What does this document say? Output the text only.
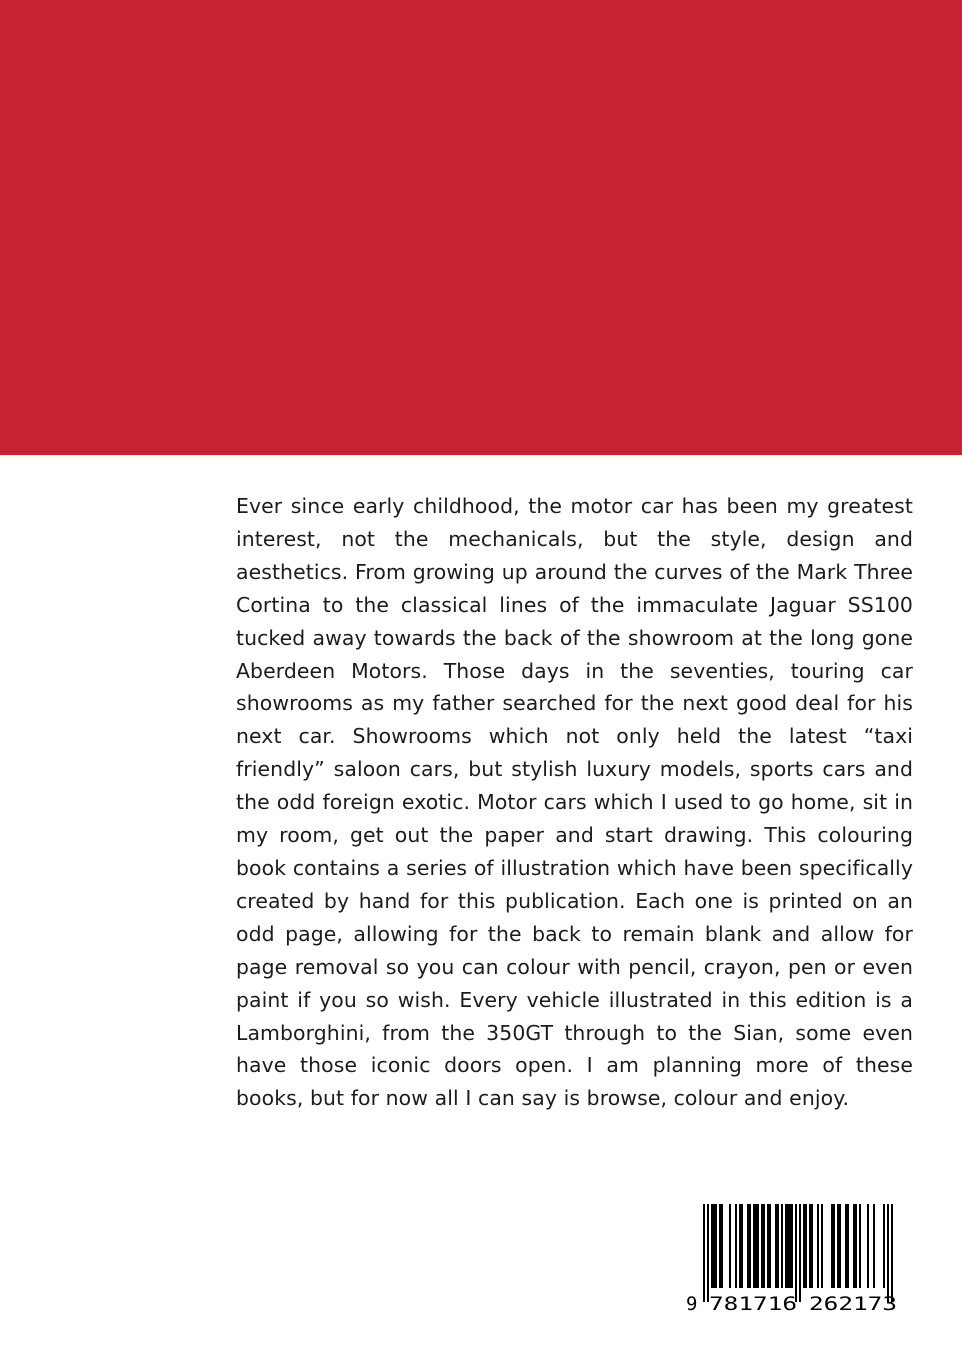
Ever since early childhood, the motor car has been my greatest interest, not the mechanicals, but the style, design and aesthetics. From growing up around the curves of the Mark Three Cortina to the classical lines of the immaculate Jaguar SS100 tucked away towards the back of the showroom at the long gone Aberdeen Motors. Those days in the seventies, touring car showrooms as my father searched for the next good deal for his next car. Showrooms which not only held the latest “taxi friendly” saloon cars, but stylish luxury models, sports cars and the odd foreign exotic. Motor cars which I used to go home, sit in my room, get out the paper and start drawing. This colouring book contains a series of illustration which have been specifically created by hand for this publication. Each one is printed on an odd page, allowing for the back to remain blank and allow for page removal so you can colour with pencil, crayon, pen or even paint if you so wish. Every vehicle illustrated in this edition is a Lamborghini, from the 350GT through to the Sian, some even have those iconic doors open. I am planning more of these books, but for now all I can say is browse, colour and enjoy.

9 781716 262173
